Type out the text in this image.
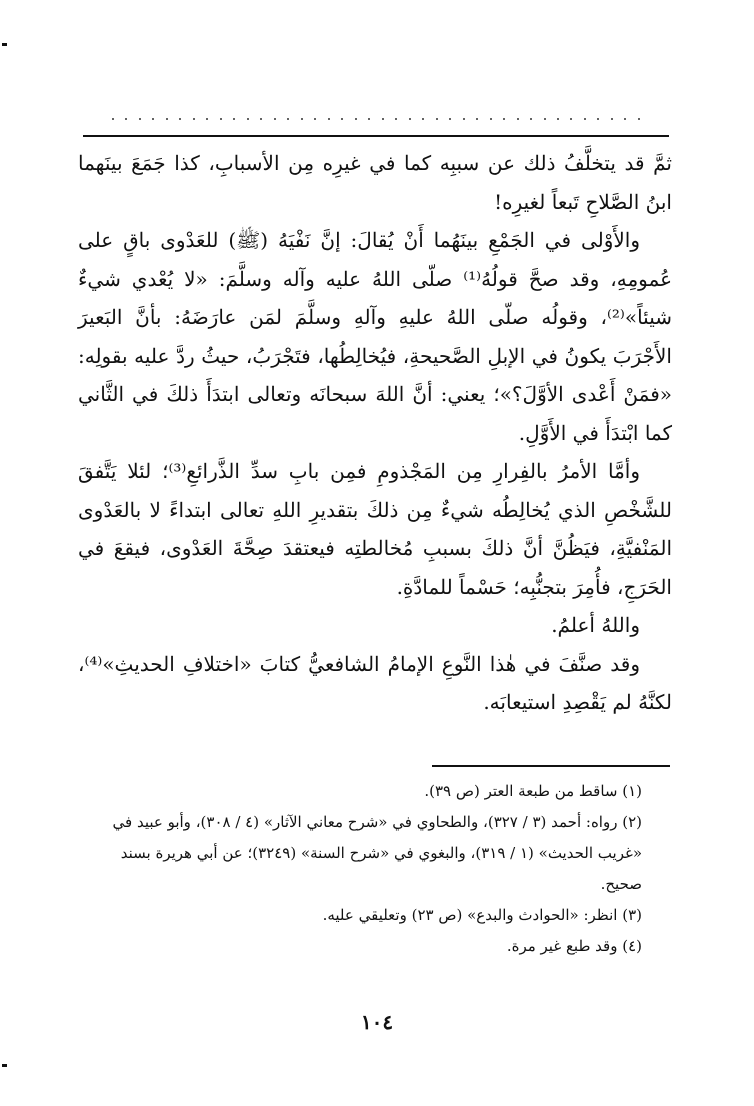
ثمَّ قد يتخلَّفُ ذلك عن سببِه كما في غيرِه مِن الأسبابِ، كذا جَمَعَ بينَهما ابنُ الصَّلاحِ تَبعاً لغيرِه!

والأَوْلى في الجَمْعِ بينَهُما أَنْ يُقالَ: إنَّ نَفْيَهُ (ﷺ) للعَدْوى باقٍ على عُمومِهِ، وقد صحَّ قولُهُ⁽¹⁾ صلّى اللهُ عليه وآله وسلَّمَ: «لا يُعْدي شيءٌ شيئاً»⁽²⁾، وقولُه صلّى اللهُ عليهِ وآلهِ وسلَّمَ لمَن عارَضَهُ: بأنَّ البَعيرَ الأَجْرَبَ يكونُ في الإبلِ الصَّحيحةِ، فيُخالِطُها، فتَجْرَبُ، حيثُ ردَّ عليه بقولِه: «فمَنْ أَعْدى الأوَّلَ؟»؛ يعني: أنَّ اللهَ سبحانَه وتعالى ابتدَأَ ذلكَ في الثَّاني كما ابْتدَأَ في الأَوَّلِ.

وأمَّا الأمرُ بالفِرارِ مِن المَجْذومِ فمِن بابِ سدِّ الذَّرائعِ⁽³⁾؛ لئلا يَتَّفقَ للشَّخْصِ الذي يُخالِطُه شيءٌ مِن ذلكَ بتقديرِ اللهِ تعالى ابتداءً لا بالعَدْوى المَنْفيَّةِ، فيَظُنَّ أنَّ ذلكَ بسببِ مُخالطتِه فيعتقدَ صِحَّةَ العَدْوى، فيقعَ في الحَرَجِ، فأُمِرَ بتجنُّبِه؛ حَسْماً للمادَّةِ.

واللهُ أعلمُ.

وقد صنَّفَ في هٰذا النَّوعِ الإمامُ الشافعيُّ كتابَ «اختلافِ الحديثِ»⁽⁴⁾، لكنَّهُ لم يَقْصِدِ استيعابَه.

(١) ساقط من طبعة العتر (ص ٣٩).

(٢) رواه: أحمد (٣ / ٣٢٧)، والطحاوي في «شرح معاني الآثار» (٤ / ٣٠٨)، وأبو عبيد في «غريب الحديث» (١ / ٣١٩)، والبغوي في «شرح السنة» (٣٢٤٩)؛ عن أبي هريرة بسند صحيح.

(٣) انظر: «الحوادث والبدع» (ص ٢٣) وتعليقي عليه.

(٤) وقد طبع غير مرة.

١٠٤
